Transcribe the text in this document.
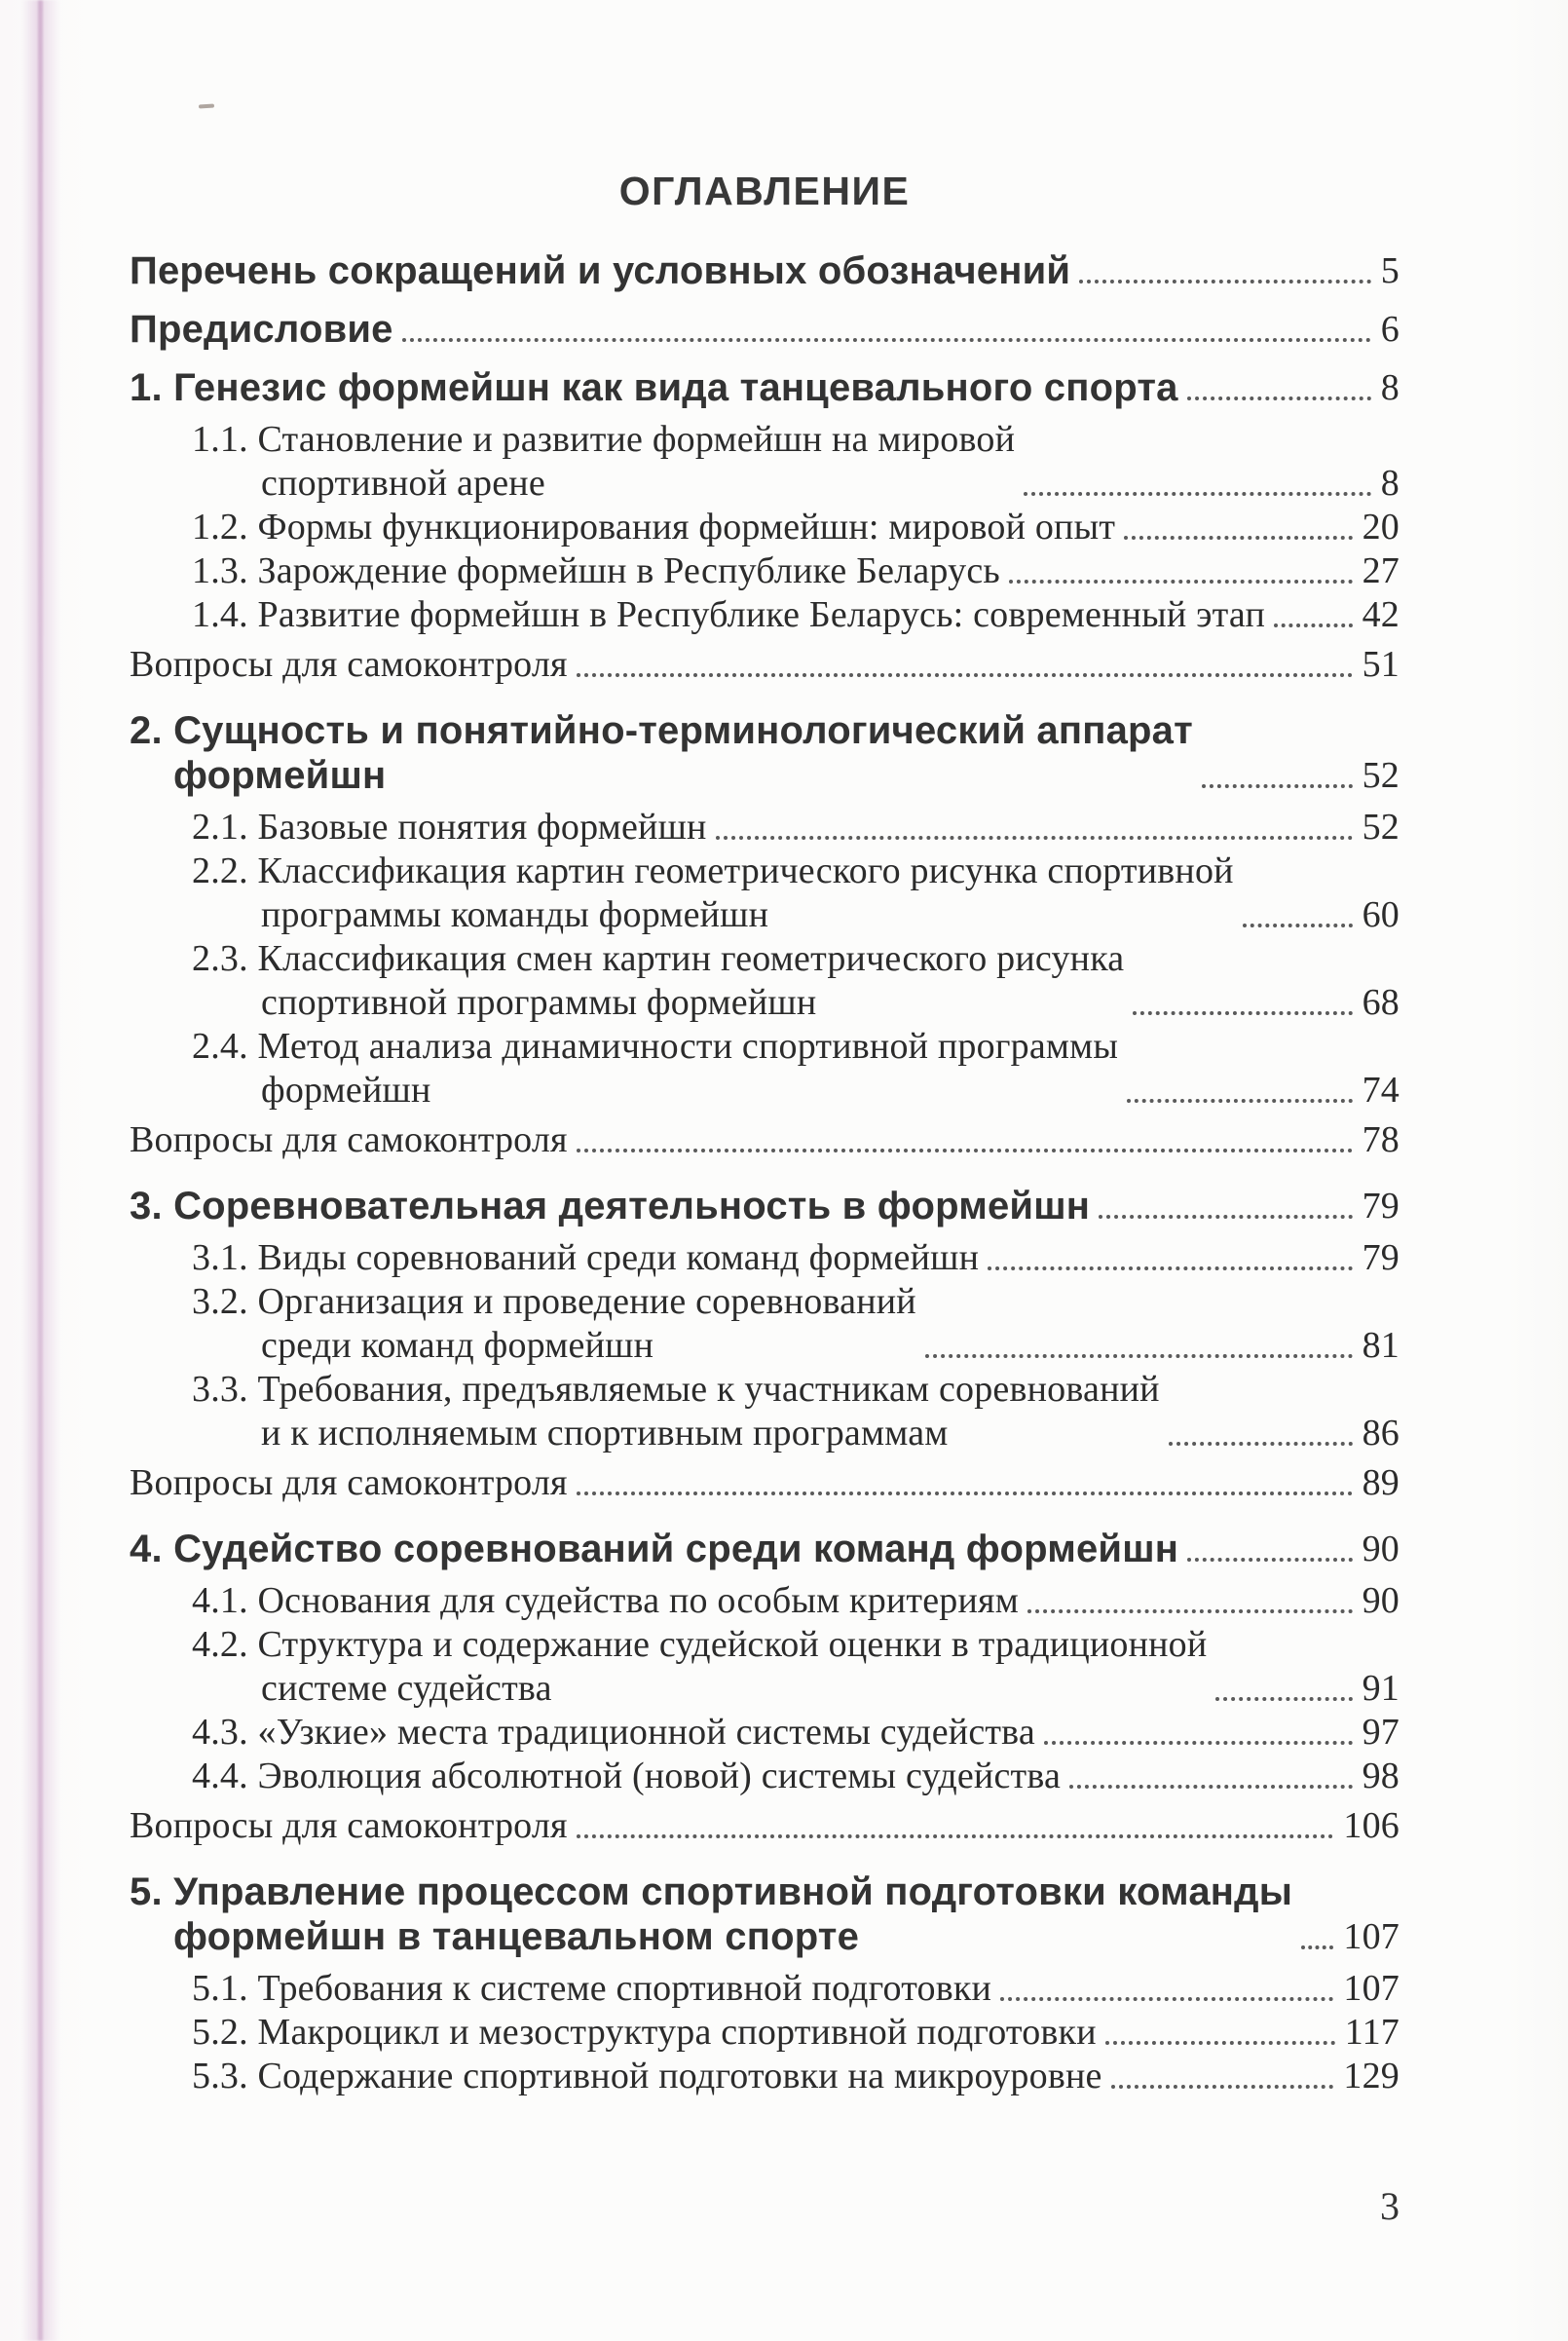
ОГЛАВЛЕНИЕ
Перечень сокращений и условных обозначений	5
Предисловие	6
1. Генезис формейшн как вида танцевального спорта	8
1.1. Становление и развитие формейшн на мировой
спортивной арене	8
1.2. Формы функционирования формейшн: мировой опыт	20
1.3. Зарождение формейшн в Республике Беларусь	27
1.4. Развитие формейшн в Республике Беларусь: современный этап	42
Вопросы для самоконтроля	51
2. Сущность и понятийно-терминологический аппарат
формейшн	52
2.1. Базовые понятия формейшн	52
2.2. Классификация картин геометрического рисунка спортивной
программы команды формейшн	60
2.3. Классификация смен картин геометрического рисунка
спортивной программы формейшн	68
2.4. Метод анализа динамичности спортивной программы
формейшн	74
Вопросы для самоконтроля	78
3. Соревновательная деятельность в формейшн	79
3.1. Виды соревнований среди команд формейшн	79
3.2. Организация и проведение соревнований
среди команд формейшн	81
3.3. Требования, предъявляемые к участникам соревнований
и к исполняемым спортивным программам	86
Вопросы для самоконтроля	89
4. Судейство соревнований среди команд формейшн	90
4.1. Основания для судейства по особым критериям	90
4.2. Структура и содержание судейской оценки в традиционной
системе судейства	91
4.3. «Узкие» места традиционной системы судейства	97
4.4. Эволюция абсолютной (новой) системы судейства	98
Вопросы для самоконтроля	106
5. Управление процессом спортивной подготовки команды
формейшн в танцевальном спорте	107
5.1. Требования к системе спортивной подготовки	107
5.2. Макроцикл и мезоструктура спортивной подготовки	117
5.3. Содержание спортивной подготовки на микроуровне	129
3
